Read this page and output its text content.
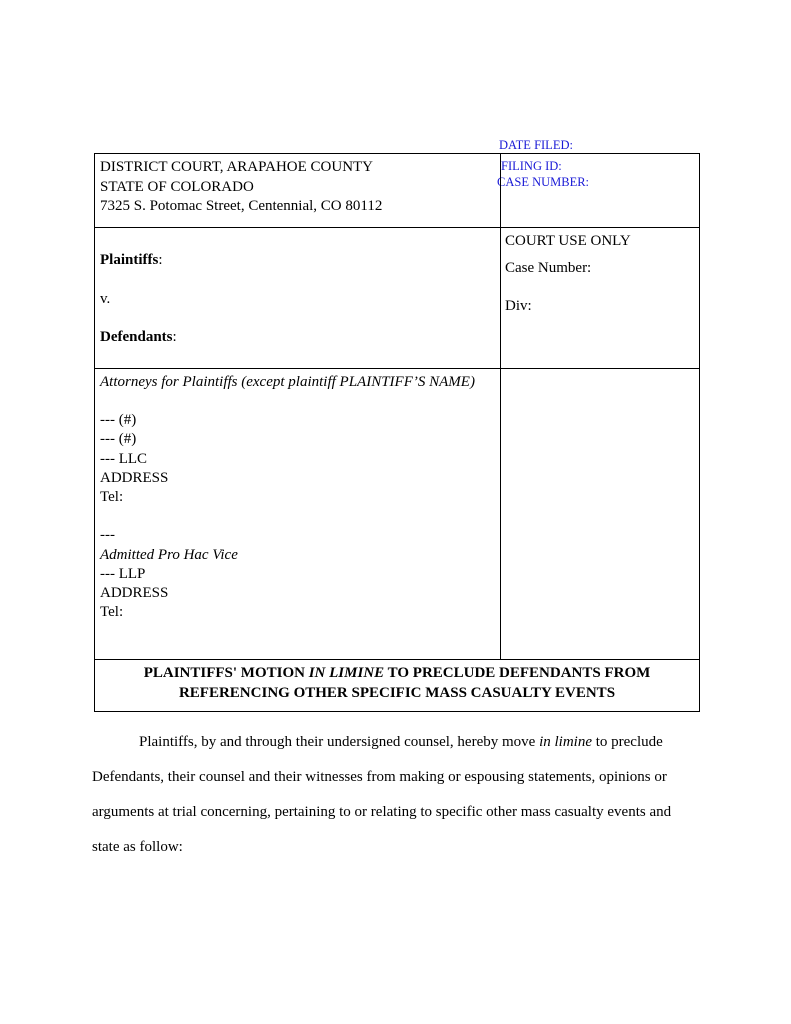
DATE FILED:
FILING ID:
CASE NUMBER:
DISTRICT COURT, ARAPAHOE COUNTY
STATE OF COLORADO
7325 S. Potomac Street, Centennial, CO 80112
Plaintiffs:
v.
Defendants:
COURT USE ONLY
Case Number:
Div:
Attorneys for Plaintiffs (except plaintiff PLAINTIFF’S NAME)
--- (#)
--- (#)
--- LLC
ADDRESS
Tel:
---
Admitted Pro Hac Vice
--- LLP
ADDRESS
Tel:
PLAINTIFFS' MOTION IN LIMINE TO PRECLUDE DEFENDANTS FROM
REFERENCING OTHER SPECIFIC MASS CASUALTY EVENTS
Plaintiffs, by and through their undersigned counsel, hereby move in limine to preclude
Defendants, their counsel and their witnesses from making or espousing statements, opinions or
arguments at trial concerning, pertaining to or relating to specific other mass casualty events and
state as follow:
